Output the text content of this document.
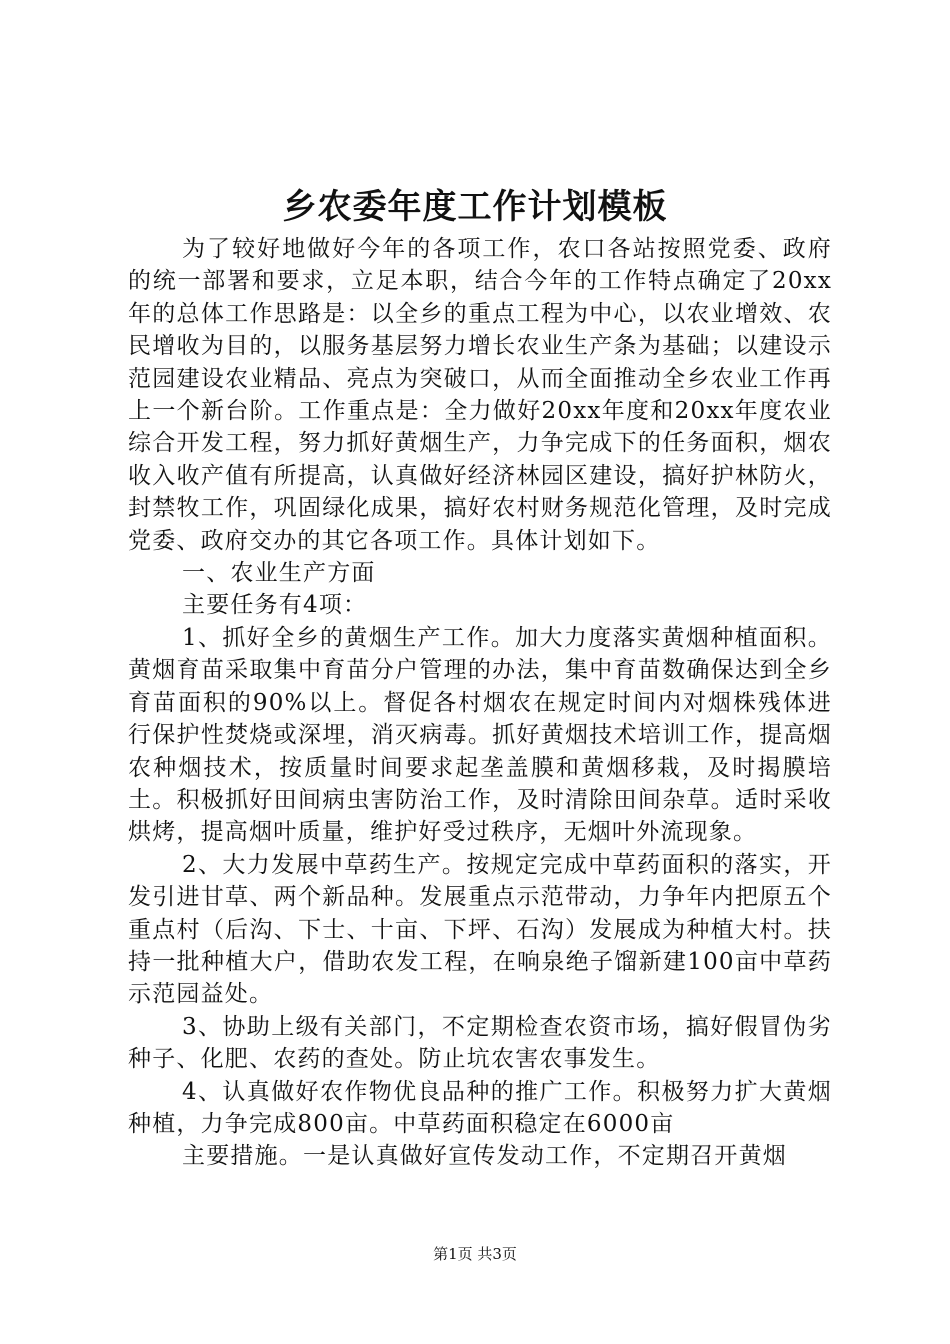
乡农委年度工作计划模板

为了较好地做好今年的各项工作，农口各站按照党委、政府的统一部署和要求，立足本职，结合今年的工作特点确定了20xx年的总体工作思路是：以全乡的重点工程为中心，以农业增效、农民增收为目的，以服务基层努力增长农业生产条为基础；以建设示范园建设农业精品、亮点为突破口，从而全面推动全乡农业工作再上一个新台阶。工作重点是：全力做好20xx年度和20xx年度农业综合开发工程，努力抓好黄烟生产，力争完成下的任务面积，烟农收入收产值有所提高，认真做好经济林园区建设，搞好护林防火，封禁牧工作，巩固绿化成果，搞好农村财务规范化管理，及时完成党委、政府交办的其它各项工作。具体计划如下。

一、农业生产方面

主要任务有4项：

1、抓好全乡的黄烟生产工作。加大力度落实黄烟种植面积。黄烟育苗采取集中育苗分户管理的办法，集中育苗数确保达到全乡育苗面积的90%以上。督促各村烟农在规定时间内对烟株残体进行保护性焚烧或深埋，消灭病毒。抓好黄烟技术培训工作，提高烟农种烟技术，按质量时间要求起垄盖膜和黄烟移栽，及时揭膜培土。积极抓好田间病虫害防治工作，及时清除田间杂草。适时采收烘烤，提高烟叶质量，维护好受过秩序，无烟叶外流现象。

2、大力发展中草药生产。按规定完成中草药面积的落实，开发引进甘草、两个新品种。发展重点示范带动，力争年内把原五个重点村（后沟、下士、十亩、下坪、石沟）发展成为种植大村。扶持一批种植大户，借助农发工程，在响泉绝子馏新建100亩中草药示范园益处。

3、协助上级有关部门，不定期检查农资市场，搞好假冒伪劣种子、化肥、农药的查处。防止坑农害农事发生。

4、认真做好农作物优良品种的推广工作。积极努力扩大黄烟种植，力争完成800亩。中草药面积稳定在6000亩

主要措施。一是认真做好宣传发动工作，不定期召开黄烟

第1页 共3页
